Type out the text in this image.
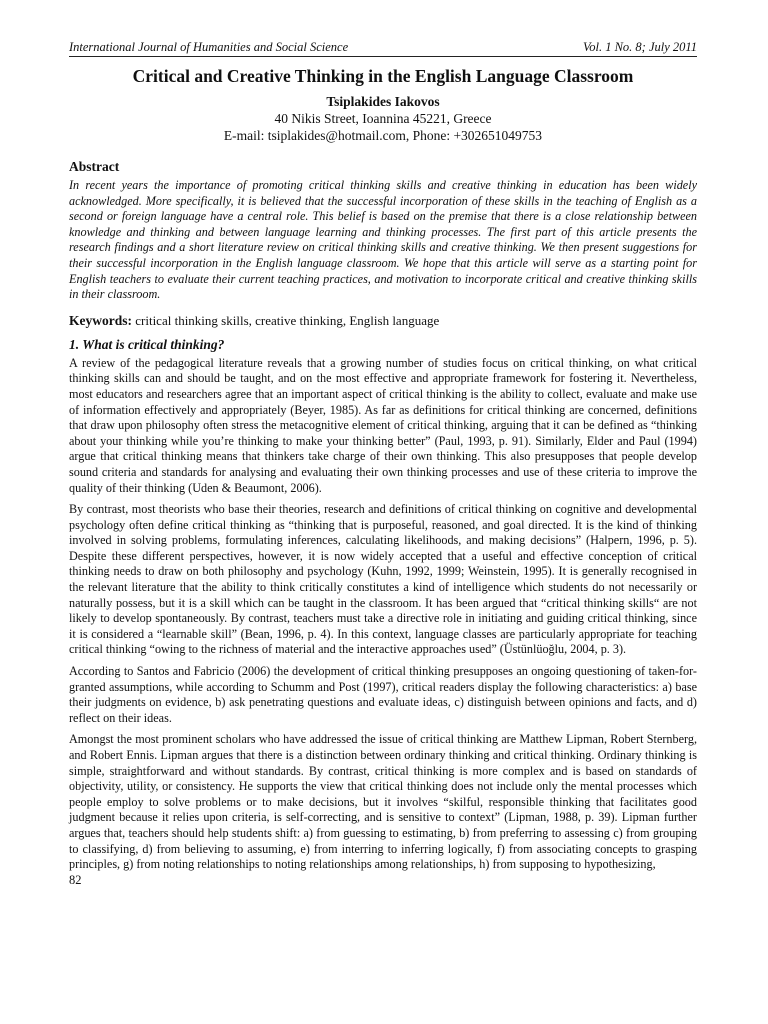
International Journal of Humanities and Social Science	Vol. 1 No. 8; July 2011
Critical and Creative Thinking in the English Language Classroom
Tsiplakides Iakovos
40 Nikis Street, Ioannina 45221, Greece
E-mail: tsiplakides@hotmail.com, Phone: +302651049753
Abstract
In recent years the importance of promoting critical thinking skills and creative thinking in education has been widely acknowledged. More specifically, it is believed that the successful incorporation of these skills in the teaching of English as a second or foreign language have a central role. This belief is based on the premise that there is a close relationship between knowledge and thinking and between language learning and thinking processes. The first part of this article presents the research findings and a short literature review on critical thinking skills and creative thinking. We then present suggestions for their successful incorporation in the English language classroom. We hope that this article will serve as a starting point for English teachers to evaluate their current teaching practices, and motivation to incorporate critical and creative thinking skills in their classroom.
Keywords: critical thinking skills, creative thinking, English language
1. What is critical thinking?
A review of the pedagogical literature reveals that a growing number of studies focus on critical thinking, on what critical thinking skills can and should be taught, and on the most effective and appropriate framework for fostering it. Nevertheless, most educators and researchers agree that an important aspect of critical thinking is the ability to collect, evaluate and make use of information effectively and appropriately (Beyer, 1985). As far as definitions for critical thinking are concerned, definitions that draw upon philosophy often stress the metacognitive element of critical thinking, arguing that it can be defined as “thinking about your thinking while you’re thinking to make your thinking better” (Paul, 1993, p. 91). Similarly, Elder and Paul (1994) argue that critical thinking means that thinkers take charge of their own thinking. This also presupposes that people develop sound criteria and standards for analysing and evaluating their own thinking processes and use of these criteria to improve the quality of their thinking (Uden & Beaumont, 2006).
By contrast, most theorists who base their theories, research and definitions of critical thinking on cognitive and developmental psychology often define critical thinking as “thinking that is purposeful, reasoned, and goal directed. It is the kind of thinking involved in solving problems, formulating inferences, calculating likelihoods, and making decisions” (Halpern, 1996, p. 5). Despite these different perspectives, however, it is now widely accepted that a useful and effective conception of critical thinking needs to draw on both philosophy and psychology (Kuhn, 1992, 1999; Weinstein, 1995). It is generally recognised in the relevant literature that the ability to think critically constitutes a kind of intelligence which students do not necessarily or naturally possess, but it is a skill which can be taught in the classroom. It has been argued that “critical thinking skills“ are not likely to develop spontaneously. By contrast, teachers must take a directive role in initiating and guiding critical thinking, since it is considered a “learnable skill” (Bean, 1996, p. 4). In this context, language classes are particularly appropriate for teaching critical thinking “owing to the richness of material and the interactive approaches used” (Üstünlüoğlu, 2004, p. 3).
According to Santos and Fabricio (2006) the development of critical thinking presupposes an ongoing questioning of taken-for-granted assumptions, while according to Schumm and Post (1997), critical readers display the following characteristics: a) base their judgments on evidence, b) ask penetrating questions and evaluate ideas, c) distinguish between opinions and facts, and d) reflect on their ideas.
Amongst the most prominent scholars who have addressed the issue of critical thinking are Matthew Lipman, Robert Sternberg, and Robert Ennis. Lipman argues that there is a distinction between ordinary thinking and critical thinking. Ordinary thinking is simple, straightforward and without standards. By contrast, critical thinking is more complex and is based on standards of objectivity, utility, or consistency. He supports the view that critical thinking does not include only the mental processes which people employ to solve problems or to make decisions, but it involves “skilful, responsible thinking that facilitates good judgment because it relies upon criteria, is self-correcting, and is sensitive to context” (Lipman, 1988, p. 39). Lipman further argues that, teachers should help students shift: a) from guessing to estimating, b) from preferring to assessing c) from grouping to classifying, d) from believing to assuming, e) from interring to inferring logically, f) from associating concepts to grasping principles, g) from noting relationships to noting relationships among relationships, h) from supposing to hypothesizing,
82
